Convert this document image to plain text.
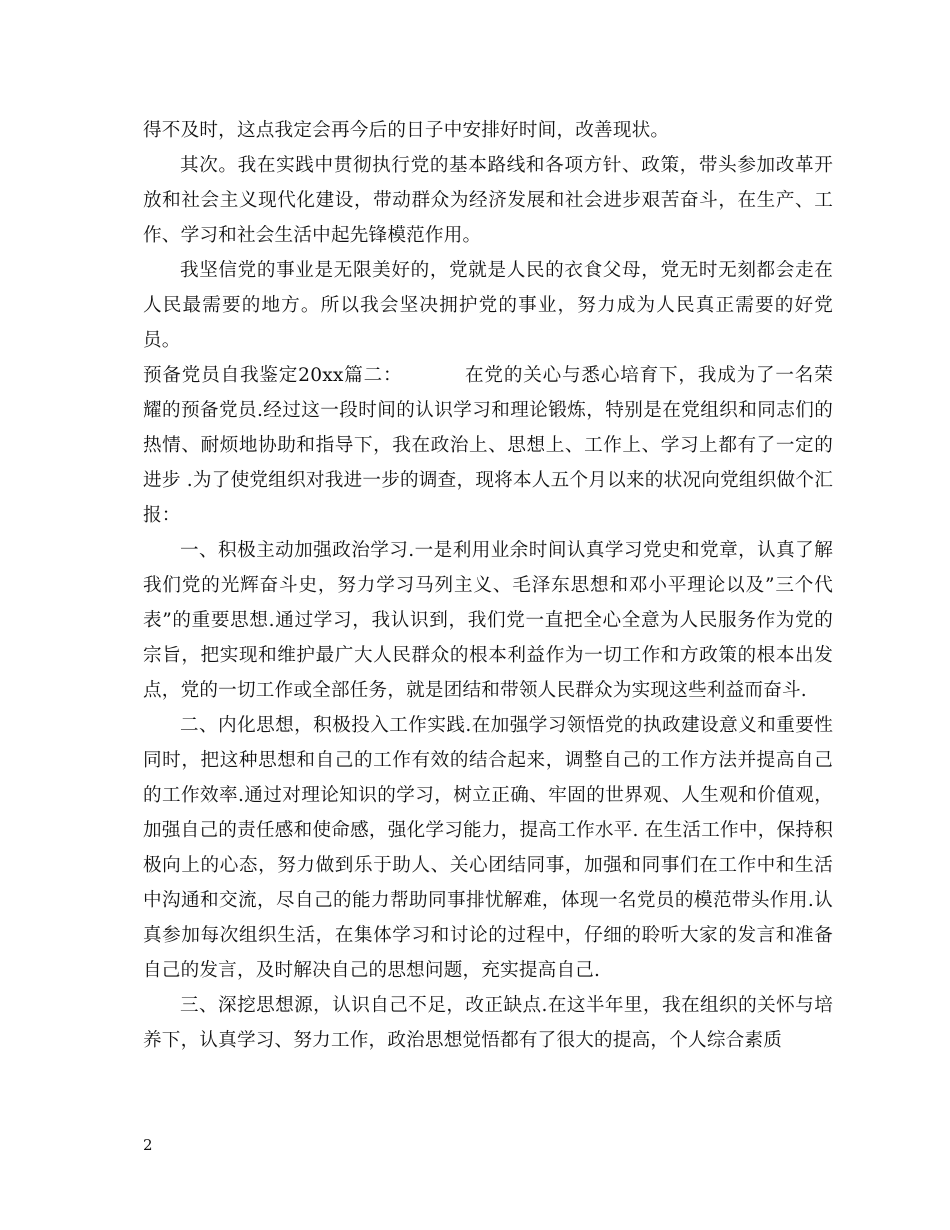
得不及时，这点我定会再今后的日子中安排好时间，改善现状。

其次。我在实践中贯彻执行党的基本路线和各项方针、政策，带头参加改革开放和社会主义现代化建设，带动群众为经济发展和社会进步艰苦奋斗，在生产、工作、学习和社会生活中起先锋模范作用。

我坚信党的事业是无限美好的，党就是人民的衣食父母，党无时无刻都会走在人民最需要的地方。所以我会坚决拥护党的事业，努力成为人民真正需要的好党员。

预备党员自我鉴定20xx篇二：	在党的关心与悉心培育下，我成为了一名荣耀的预备党员.经过这一段时间的认识学习和理论锻炼，特别是在党组织和同志们的热情、耐烦地协助和指导下，我在政治上、思想上、工作上、学习上都有了一定的进步 .为了使党组织对我进一步的调查，现将本人五个月以来的状况向党组织做个汇报：

一、积极主动加强政治学习.一是利用业余时间认真学习党史和党章，认真了解我们党的光辉奋斗史，努力学习马列主义、毛泽东思想和邓小平理论以及”三个代表”的重要思想.通过学习，我认识到，我们党一直把全心全意为人民服务作为党的宗旨，把实现和维护最广大人民群众的根本利益作为一切工作和方政策的根本出发点，党的一切工作或全部任务，就是团结和带领人民群众为实现这些利益而奋斗.

二、内化思想，积极投入工作实践.在加强学习领悟党的执政建设意义和重要性同时，把这种思想和自己的工作有效的结合起来，调整自己的工作方法并提高自己的工作效率.通过对理论知识的学习，树立正确、牢固的世界观、人生观和价值观，加强自己的责任感和使命感，强化学习能力，提高工作水平. 在生活工作中，保持积极向上的心态，努力做到乐于助人、关心团结同事，加强和同事们在工作中和生活中沟通和交流，尽自己的能力帮助同事排忧解难，体现一名党员的模范带头作用.认真参加每次组织生活，在集体学习和讨论的过程中，仔细的聆听大家的发言和准备自己的发言，及时解决自己的思想问题，充实提高自己.

三、深挖思想源，认识自己不足，改正缺点.在这半年里，我在组织的关怀与培养下，认真学习、努力工作，政治思想觉悟都有了很大的提高，个人综合素质

2
